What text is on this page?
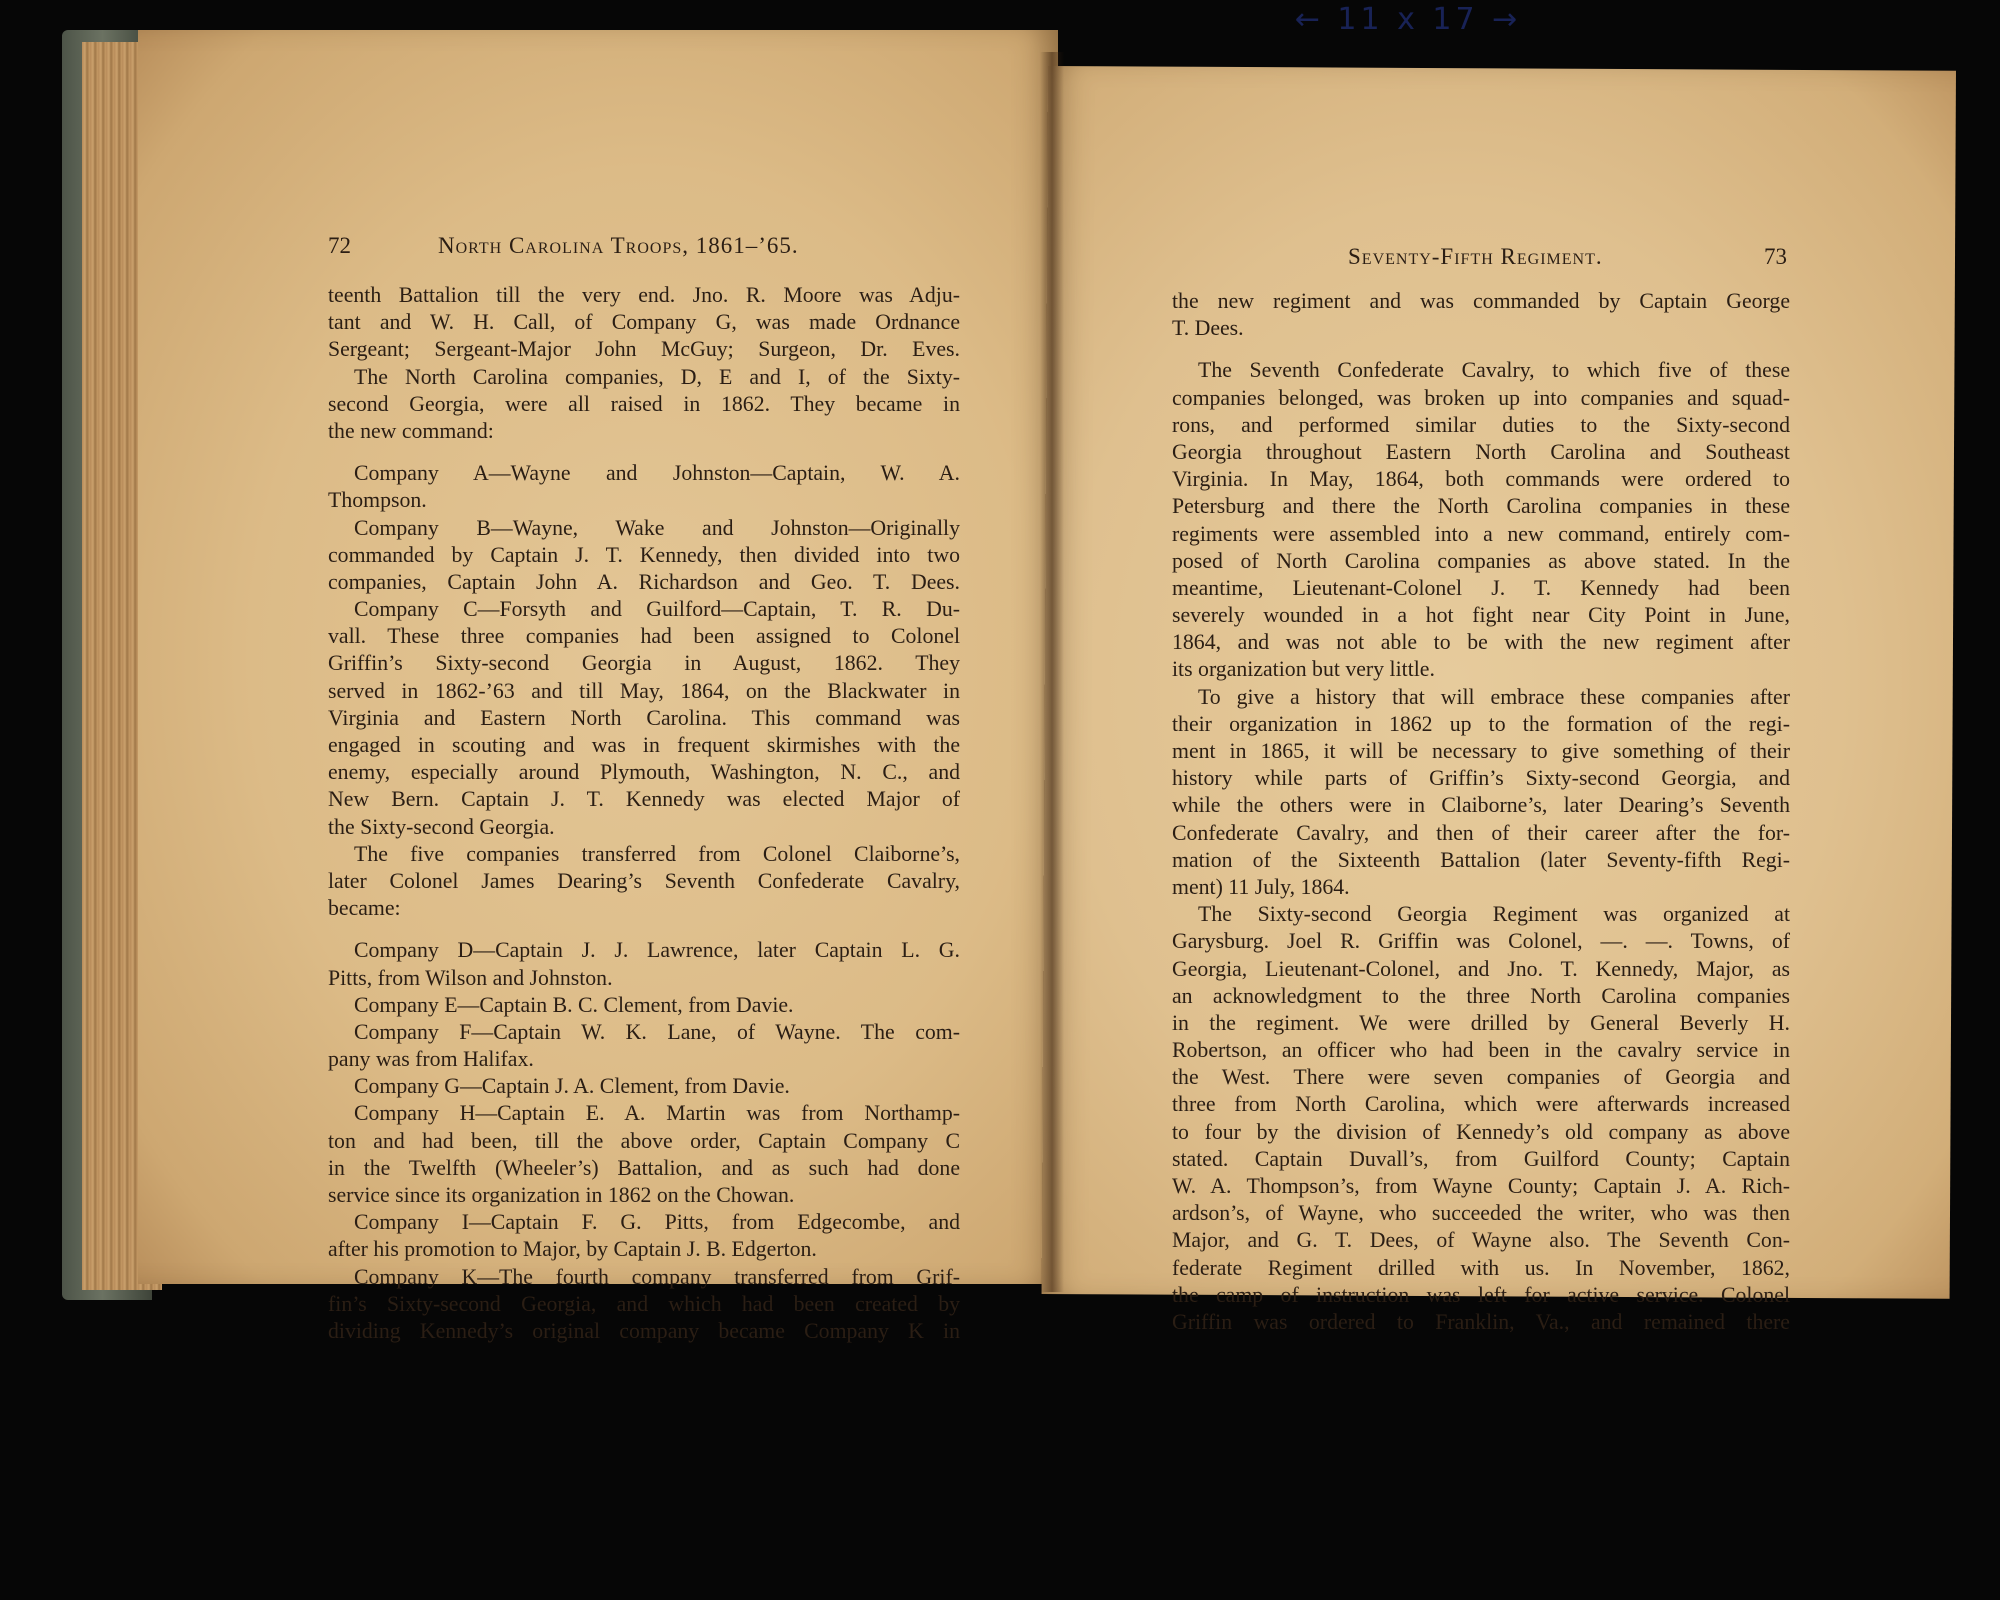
← 11 x 17 →
72	North Carolina Troops, 1861–’65.	Seventy-Fifth Regiment.	73
teenth Battalion till the very end. Jno. R. Moore was Adju-
tant and W. H. Call, of Company G, was made Ordnance
Sergeant; Sergeant-Major John McGuy; Surgeon, Dr. Eves.
The North Carolina companies, D, E and I, of the Sixty-
second Georgia, were all raised in 1862. They became in
the new command:
Company A—Wayne and Johnston—Captain, W. A.
Thompson.
Company B—Wayne, Wake and Johnston—Originally
commanded by Captain J. T. Kennedy, then divided into two
companies, Captain John A. Richardson and Geo. T. Dees.
Company C—Forsyth and Guilford—Captain, T. R. Du-
vall. These three companies had been assigned to Colonel
Griffin’s Sixty-second Georgia in August, 1862. They
served in 1862-’63 and till May, 1864, on the Blackwater in
Virginia and Eastern North Carolina. This command was
engaged in scouting and was in frequent skirmishes with the
enemy, especially around Plymouth, Washington, N. C., and
New Bern. Captain J. T. Kennedy was elected Major of
the Sixty-second Georgia.
The five companies transferred from Colonel Claiborne’s,
later Colonel James Dearing’s Seventh Confederate Cavalry,
became:
Company D—Captain J. J. Lawrence, later Captain L. G.
Pitts, from Wilson and Johnston.
Company E—Captain B. C. Clement, from Davie.
Company F—Captain W. K. Lane, of Wayne. The com-
pany was from Halifax.
Company G—Captain J. A. Clement, from Davie.
Company H—Captain E. A. Martin was from Northamp-
ton and had been, till the above order, Captain Company C
in the Twelfth (Wheeler’s) Battalion, and as such had done
service since its organization in 1862 on the Chowan.
Company I—Captain F. G. Pitts, from Edgecombe, and
after his promotion to Major, by Captain J. B. Edgerton.
Company K—The fourth company transferred from Grif-
fin’s Sixty-second Georgia, and which had been created by
dividing Kennedy’s original company became Company K in
the new regiment and was commanded by Captain George
T. Dees.
The Seventh Confederate Cavalry, to which five of these
companies belonged, was broken up into companies and squad-
rons, and performed similar duties to the Sixty-second
Georgia throughout Eastern North Carolina and Southeast
Virginia. In May, 1864, both commands were ordered to
Petersburg and there the North Carolina companies in these
regiments were assembled into a new command, entirely com-
posed of North Carolina companies as above stated. In the
meantime, Lieutenant-Colonel J. T. Kennedy had been
severely wounded in a hot fight near City Point in June,
1864, and was not able to be with the new regiment after
its organization but very little.
To give a history that will embrace these companies after
their organization in 1862 up to the formation of the regi-
ment in 1865, it will be necessary to give something of their
history while parts of Griffin’s Sixty-second Georgia, and
while the others were in Claiborne’s, later Dearing’s Seventh
Confederate Cavalry, and then of their career after the for-
mation of the Sixteenth Battalion (later Seventy-fifth Regi-
ment) 11 July, 1864.
The Sixty-second Georgia Regiment was organized at
Garysburg. Joel R. Griffin was Colonel, —. —. Towns, of
Georgia, Lieutenant-Colonel, and Jno. T. Kennedy, Major, as
an acknowledgment to the three North Carolina companies
in the regiment. We were drilled by General Beverly H.
Robertson, an officer who had been in the cavalry service in
the West. There were seven companies of Georgia and
three from North Carolina, which were afterwards increased
to four by the division of Kennedy’s old company as above
stated. Captain Duvall’s, from Guilford County; Captain
W. A. Thompson’s, from Wayne County; Captain J. A. Rich-
ardson’s, of Wayne, who succeeded the writer, who was then
Major, and G. T. Dees, of Wayne also. The Seventh Con-
federate Regiment drilled with us. In November, 1862,
the camp of instruction was left for active service. Colonel
Griffin was ordered to Franklin, Va., and remained there
